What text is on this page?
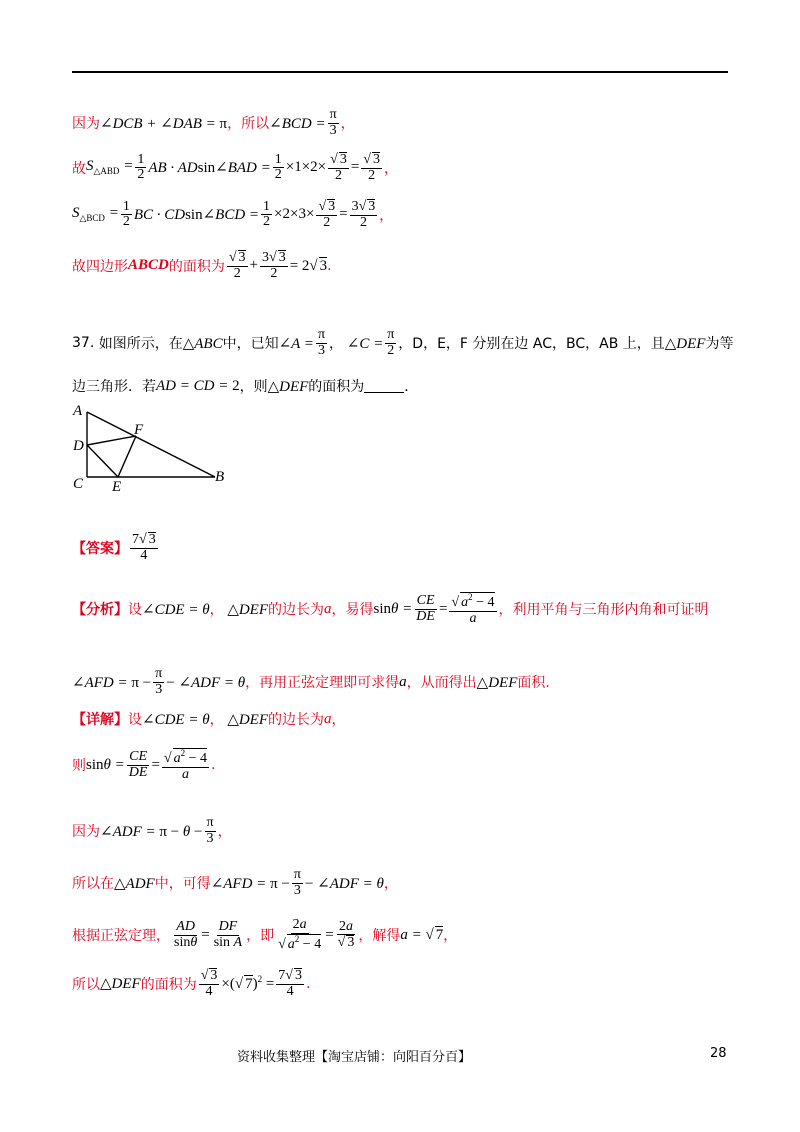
因为 ∠DCB + ∠DAB = π ，所以 ∠BCD = $\frac{\pi}{3}$ ，
故 $S_{\triangle ABD} = \frac{1}{2}$ AB · ADsin∠BAD = $\frac{1}{2} \times 1\times 2\times \frac{√ 3}{2} = \frac{√ 3}{2}$ ，
$S_{\triangle BCD} = \frac{1}{2}$ BC · CDsin∠BCD = $\frac{1}{2} \times 2\times 3\times \frac{√ 3}{2} = \frac{3√ 3}{2}$ ，
故四边形 ABCD 的面积为
√ 3
$2 + \frac{3√ 3}{2} = 2√$ 3 .
37.
如图所示，在 △ABC 中，已知 ∠A = $\frac{\pi}{3}$ ， ∠C = $\frac{\pi}{2}$ ，D，E，F 分别在边 AC，BC，AB 上，且 △DEF 为等
边三角形．若 AD = CD = 2 ，则 △DEF 的面积为	．
A
D
C E
F
B
【答案】
7√ 3
4
【分析】 设 ∠CDE = θ ， △DEF 的边长为 a ，易得 $\sin\theta = \frac{CE}{DE} = \frac{√ a^2 - 4}{a}$ ，利用平角与三角形内角和可证明
∠AFD = $\pi - \frac{\pi}{3}$ − ∠ADF = θ ，再用正弦定理即可求得 a ，从而得出 △DEF 面积.
【详解】 设 ∠CDE = θ ， △DEF 的边长为 a ，
则 $\sin\theta = \frac{CE}{DE} = \frac{√ a^2 - 4}{a}$ .
因为 ∠ADF = $\pi - \theta - \frac{\pi}{3}$ ，
所以在 △ADF 中，可得 ∠AFD = $\pi - \frac{\pi}{3}$ − ∠ADF = θ ，
根据正弦定理， $\frac{AD}{\sin\theta} = \frac{DF}{\text{sin A}}$ ，即 $\frac{2a}{√ a^2 - 4} = \frac{2a}{√ 3}$ ，解得 a = √ 7 ，
所以 △DEF 的面积为 $\frac{√ 3}{4}$ ×(√ $7)^2 = \frac{7√ 3}{4}$ .
资料收集整理【淘宝店铺：向阳百分百】	28
